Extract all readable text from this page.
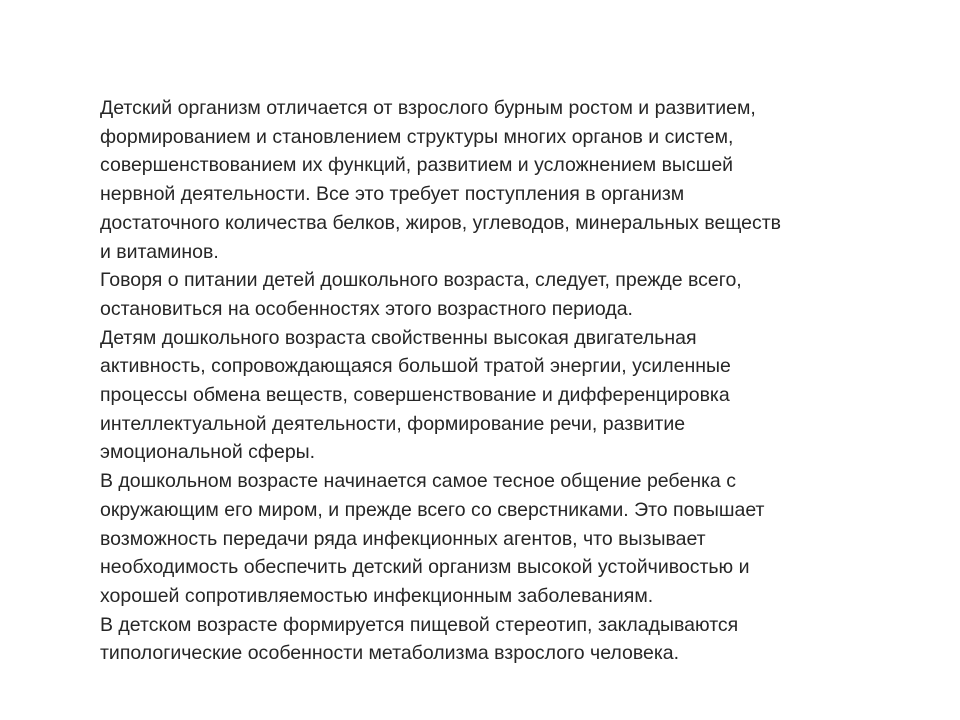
Детский организм отличается от взрослого бурным ростом и развитием,
формированием и становлением структуры многих органов и систем,
совершенствованием их функций, развитием и усложнением высшей
нервной деятельности. Все это требует поступления в организм
достаточного количества белков, жиров, углеводов, минеральных веществ
и витаминов.
Говоря о питании детей дошкольного возраста, следует, прежде всего,
остановиться на особенностях этого возрастного периода.
Детям дошкольного возраста свойственны высокая двигательная
активность, сопровождающаяся большой тратой энергии, усиленные
процессы обмена веществ, совершенствование и дифференцировка
интеллектуальной деятельности, формирование речи, развитие
эмоциональной сферы.
В дошкольном возрасте начинается самое тесное общение ребенка с
окружающим его миром, и прежде всего со сверстниками. Это повышает
возможность передачи ряда инфекционных агентов, что вызывает
необходимость обеспечить детский организм высокой устойчивостью и
хорошей сопротивляемостью инфекционным заболеваниям.
В детском возрасте формируется пищевой стереотип, закладываются
типологические особенности метаболизма взрослого человека.
